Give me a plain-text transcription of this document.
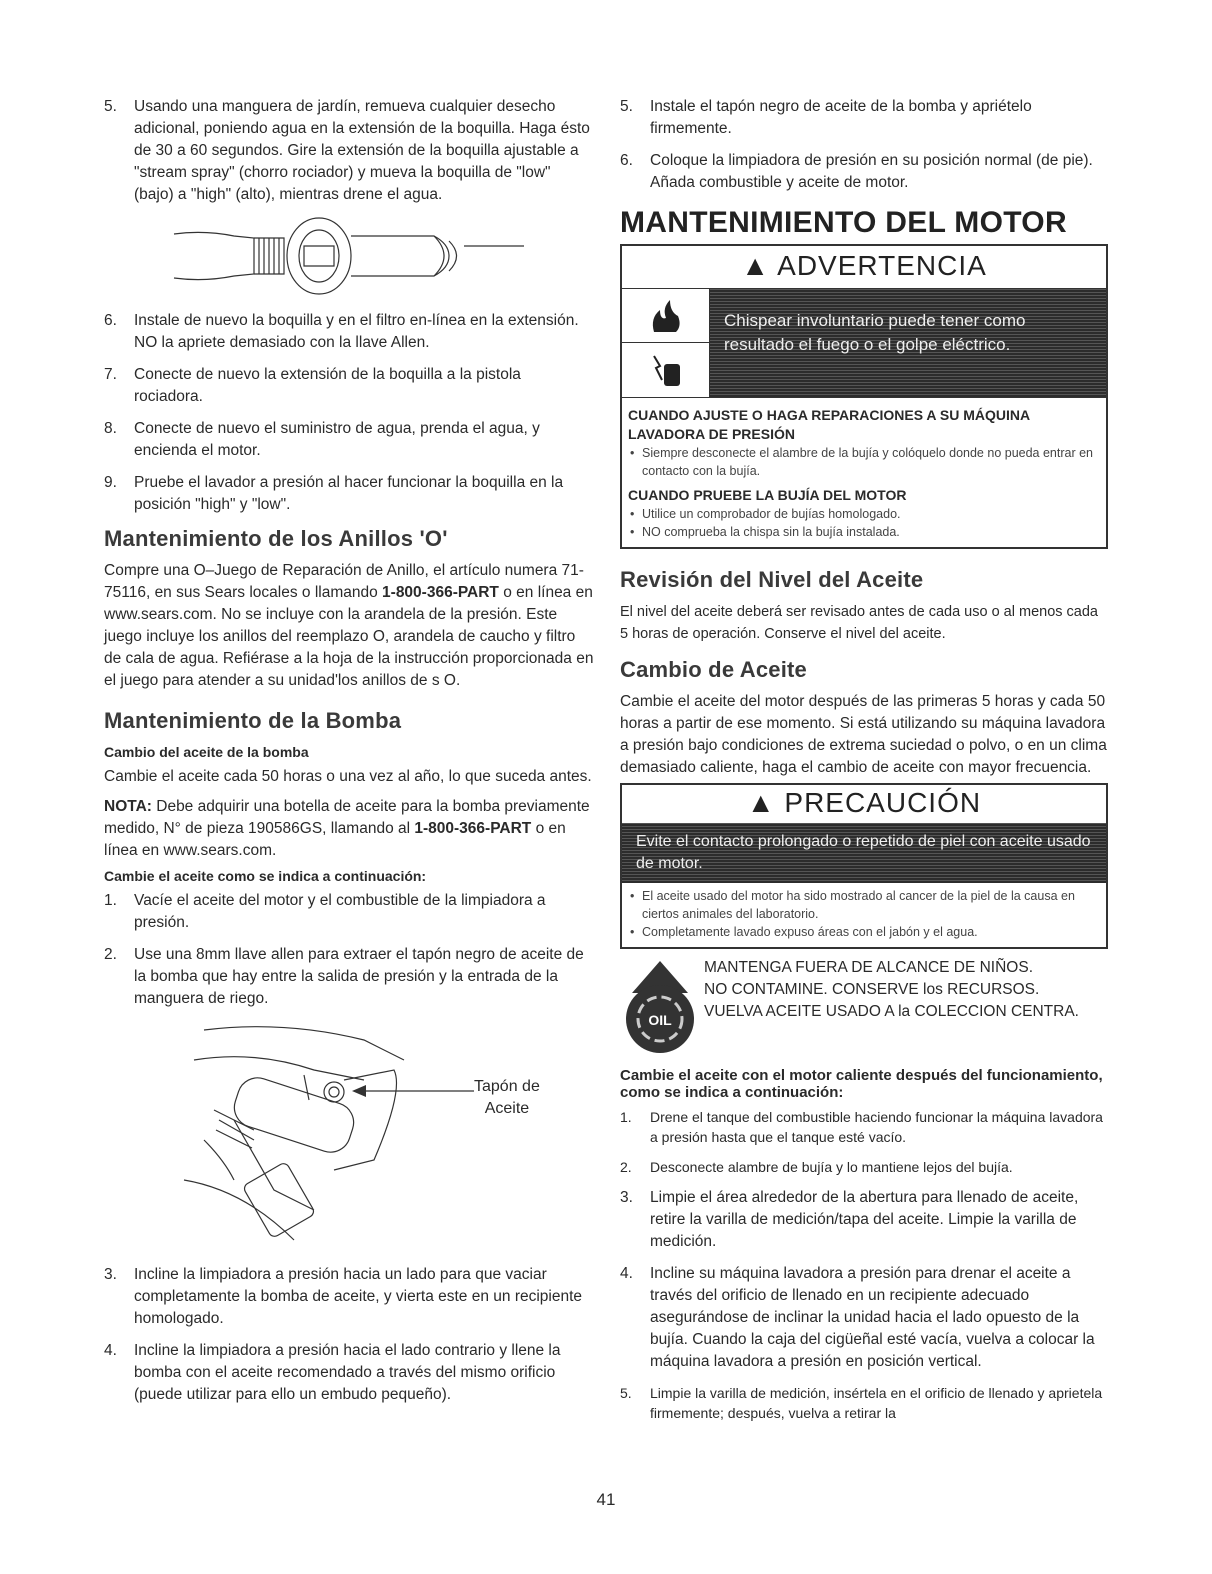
5. Usando una manguera de jardín, remueva cualquier desecho adicional, poniendo agua en la extensión de la boquilla. Haga ésto de 30 a 60 segundos. Gire la extensión de la boquilla ajustable a "stream spray" (chorro rociador) y mueva la boquilla de "low" (bajo) a "high" (alto), mientras drene el agua.
6. Instale de nuevo la boquilla y en el filtro en-línea en la extensión. NO la apriete demasiado con la llave Allen.
7. Conecte de nuevo la extensión de la boquilla a la pistola rociadora.
8. Conecte de nuevo el suministro de agua, prenda el agua, y encienda el motor.
9. Pruebe el lavador a presión al hacer funcionar la boquilla en la posición "high" y "low".
Mantenimiento de los Anillos 'O'

Compre una O–Juego de Reparación de Anillo, el artículo numera 71-75116, en sus Sears locales o llamando 1-800-366-PART o en línea en www.sears.com. No se incluye con la arandela de la presión. Este juego incluye los anillos del reemplazo O, arandela de caucho y filtro de cala de agua. Refiérase a la hoja de la instrucción proporcionada en el juego para atender a su unidad'los anillos de s O.

Mantenimiento de la Bomba
Cambio del aceite de la bomba

Cambie el aceite cada 50 horas o una vez al año, lo que suceda antes.

NOTA: Debe adquirir una botella de aceite para la bomba previamente medido, N° de pieza 190586GS, llamando al 1-800-366-PART o en línea en www.sears.com.

Cambie el aceite como se indica a continuación:
1. Vacíe el aceite del motor y el combustible de la limpiadora a presión.
2. Use una 8mm llave allen para extraer el tapón negro de aceite de la bomba que hay entre la salida de presión y la entrada de la manguera de riego.
Tapón de
Aceite
3. Incline la limpiadora a presión hacia un lado para que vaciar completamente la bomba de aceite, y vierta este en un recipiente homologado.
4. Incline la limpiadora a presión hacia el lado contrario y llene la bomba con el aceite recomendado a través del mismo orificio (puede utilizar para ello un embudo pequeño).
5. Instale el tapón negro de aceite de la bomba y apriételo firmemente.
6. Coloque la limpiadora de presión en su posición normal (de pie). Añada combustible y aceite de motor.
MANTENIMIENTO DEL MOTOR
▲ ADVERTENCIA
Chispear involuntario puede tener como resultado el fuego o el golpe eléctrico.
CUANDO AJUSTE O HAGA REPARACIONES A SU MÁQUINA LAVADORA DE PRESIÓN
• Siempre desconecte el alambre de la bujía y colóquelo donde no pueda entrar en contacto con la bujía.
CUANDO PRUEBE LA BUJÍA DEL MOTOR
• Utilice un comprobador de bujías homologado.
• NO comprueba la chispa sin la bujía instalada.
Revisión del Nivel del Aceite

El nivel del aceite deberá ser revisado antes de cada uso o al menos cada 5 horas de operación. Conserve el nivel del aceite.

Cambio de Aceite

Cambie el aceite del motor después de las primeras 5 horas y cada 50 horas a partir de ese momento. Si está utilizando su máquina lavadora a presión bajo condiciones de extrema suciedad o polvo, o en un clima demasiado caliente, haga el cambio de aceite con mayor frecuencia.

▲ PRECAUCIÓN
Evite el contacto prolongado o repetido de piel con aceite usado de motor.
• El aceite usado del motor ha sido mostrado al cancer de la piel de la causa en ciertos animales del laboratorio.
• Completamente lavado expuso áreas con el jabón y el agua.
OIL
MANTENGA FUERA DE ALCANCE DE NIÑOS.
NO CONTAMINE. CONSERVE los RECURSOS.
VUELVA ACEITE USADO A la COLECCION CENTRA.
Cambie el aceite con el motor caliente después del funcionamiento, como se indica a continuación:
1. Drene el tanque del combustible haciendo funcionar la máquina lavadora a presión hasta que el tanque esté vacío.
2. Desconecte alambre de bujía y lo mantiene lejos del bujía.
3. Limpie el área alrededor de la abertura para llenado de aceite, retire la varilla de medición/tapa del aceite. Limpie la varilla de medición.
4. Incline su máquina lavadora a presión para drenar el aceite a través del orificio de llenado en un recipiente adecuado asegurándose de inclinar la unidad hacia el lado opuesto de la bujía. Cuando la caja del cigüeñal esté vacía, vuelva a colocar la máquina lavadora a presión en posición vertical.
5. Limpie la varilla de medición, insértela en el orificio de llenado y aprietela firmemente; después, vuelva a retirar la
41
